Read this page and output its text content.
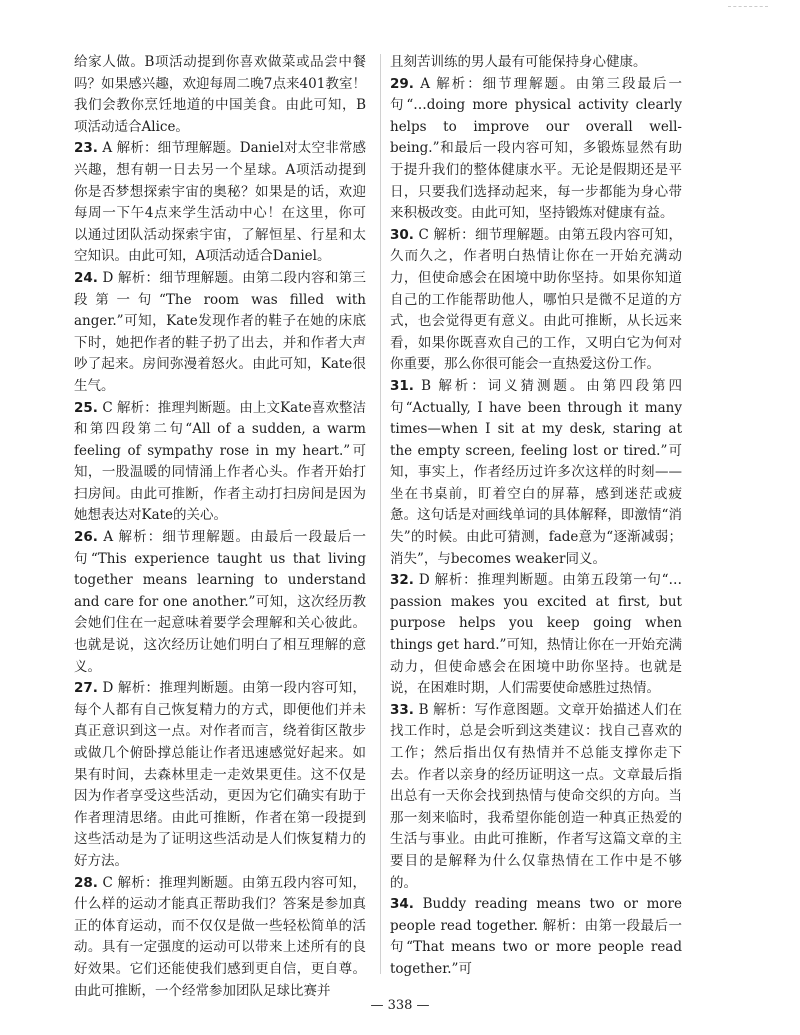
给家人做。B项活动提到你喜欢做菜或品尝中餐吗？如果感兴趣，欢迎每周二晚7点来401教室！我们会教你烹饪地道的中国美食。由此可知，B项活动适合Alice。

23. A 解析：细节理解题。Daniel对太空非常感兴趣，想有朝一日去另一个星球。A项活动提到你是否梦想探索宇宙的奥秘？如果是的话，欢迎每周一下午4点来学生活动中心！在这里，你可以通过团队活动探索宇宙，了解恒星、行星和太空知识。由此可知，A项活动适合Daniel。

24. D 解析：细节理解题。由第二段内容和第三段第一句“The room was filled with anger.”可知，Kate发现作者的鞋子在她的床底下时，她把作者的鞋子扔了出去，并和作者大声吵了起来。房间弥漫着怒火。由此可知，Kate很生气。

25. C 解析：推理判断题。由上文Kate喜欢整洁和第四段第二句“All of a sudden, a warm feeling of sympathy rose in my heart.”可知，一股温暖的同情涌上作者心头。作者开始打扫房间。由此可推断，作者主动打扫房间是因为她想表达对Kate的关心。

26. A 解析：细节理解题。由最后一段最后一句“This experience taught us that living together means learning to understand and care for one another.”可知，这次经历教会她们住在一起意味着要学会理解和关心彼此。也就是说，这次经历让她们明白了相互理解的意义。

27. D 解析：推理判断题。由第一段内容可知，每个人都有自己恢复精力的方式，即便他们并未真正意识到这一点。对作者而言，绕着街区散步或做几个俯卧撑总能让作者迅速感觉好起来。如果有时间，去森林里走一走效果更佳。这不仅是因为作者享受这些活动，更因为它们确实有助于作者理清思绪。由此可推断，作者在第一段提到这些活动是为了证明这些活动是人们恢复精力的好方法。

28. C 解析：推理判断题。由第五段内容可知，什么样的运动才能真正帮助我们？答案是参加真正的体育运动，而不仅仅是做一些轻松简单的活动。具有一定强度的运动可以带来上述所有的良好效果。它们还能使我们感到更自信，更自尊。由此可推断，一个经常参加团队足球比赛并

且刻苦训练的男人最有可能保持身心健康。

29. A 解析：细节理解题。由第三段最后一句“…doing more physical activity clearly helps to improve our overall well-being.”和最后一段内容可知，多锻炼显然有助于提升我们的整体健康水平。无论是假期还是平日，只要我们选择动起来，每一步都能为身心带来积极改变。由此可知，坚持锻炼对健康有益。

30. C 解析：细节理解题。由第五段内容可知，久而久之，作者明白热情让你在一开始充满动力，但使命感会在困境中助你坚持。如果你知道自己的工作能帮助他人，哪怕只是微不足道的方式，也会觉得更有意义。由此可推断，从长远来看，如果你既喜欢自己的工作，又明白它为何对你重要，那么你很可能会一直热爱这份工作。

31. B 解析：词义猜测题。由第四段第四句“Actually, I have been through it many times—when I sit at my desk, staring at the empty screen, feeling lost or tired.”可知，事实上，作者经历过许多次这样的时刻——坐在书桌前，盯着空白的屏幕，感到迷茫或疲惫。这句话是对画线单词的具体解释，即激情“消失”的时候。由此可猜测，fade意为“逐渐减弱；消失”，与becomes weaker同义。

32. D 解析：推理判断题。由第五段第一句“…passion makes you excited at first, but purpose helps you keep going when things get hard.”可知，热情让你在一开始充满动力，但使命感会在困境中助你坚持。也就是说，在困难时期，人们需要使命感胜过热情。

33. B 解析：写作意图题。文章开始描述人们在找工作时，总是会听到这类建议：找自己喜欢的工作；然后指出仅有热情并不总能支撑你走下去。作者以亲身的经历证明这一点。文章最后指出总有一天你会找到热情与使命交织的方向。当那一刻来临时，我希望你能创造一种真正热爱的生活与事业。由此可推断，作者写这篇文章的主要目的是解释为什么仅靠热情在工作中是不够的。

34. Buddy reading means two or more people read together. 解析：由第一段最后一句“That means two or more people read together.”可

— 338 —
